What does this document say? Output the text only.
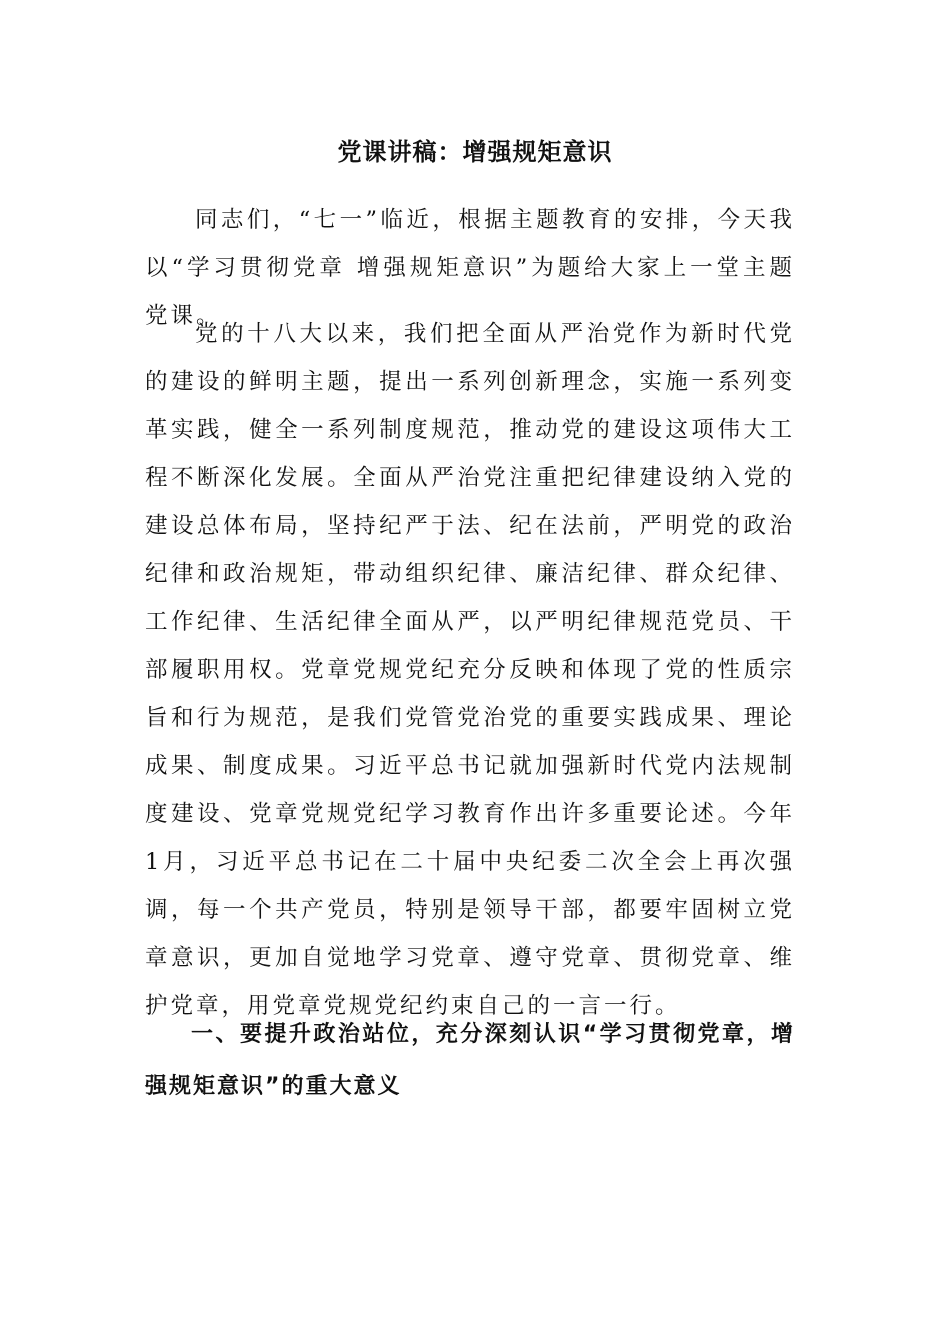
党课讲稿：增强规矩意识

同志们，“七一”临近，根据主题教育的安排，今天我以“学习贯彻党章 增强规矩意识”为题给大家上一堂主题党课。

党的十八大以来，我们把全面从严治党作为新时代党的建设的鲜明主题，提出一系列创新理念，实施一系列变革实践，健全一系列制度规范，推动党的建设这项伟大工程不断深化发展。全面从严治党注重把纪律建设纳入党的建设总体布局，坚持纪严于法、纪在法前，严明党的政治纪律和政治规矩，带动组织纪律、廉洁纪律、群众纪律、工作纪律、生活纪律全面从严，以严明纪律规范党员、干部履职用权。党章党规党纪充分反映和体现了党的性质宗旨和行为规范，是我们党管党治党的重要实践成果、理论成果、制度成果。习近平总书记就加强新时代党内法规制度建设、党章党规党纪学习教育作出许多重要论述。今年1月，习近平总书记在二十届中央纪委二次全会上再次强调，每一个共产党员，特别是领导干部，都要牢固树立党章意识，更加自觉地学习党章、遵守党章、贯彻党章、维护党章，用党章党规党纪约束自己的一言一行。

一、要提升政治站位，充分深刻认识“学习贯彻党章，增强规矩意识”的重大意义
